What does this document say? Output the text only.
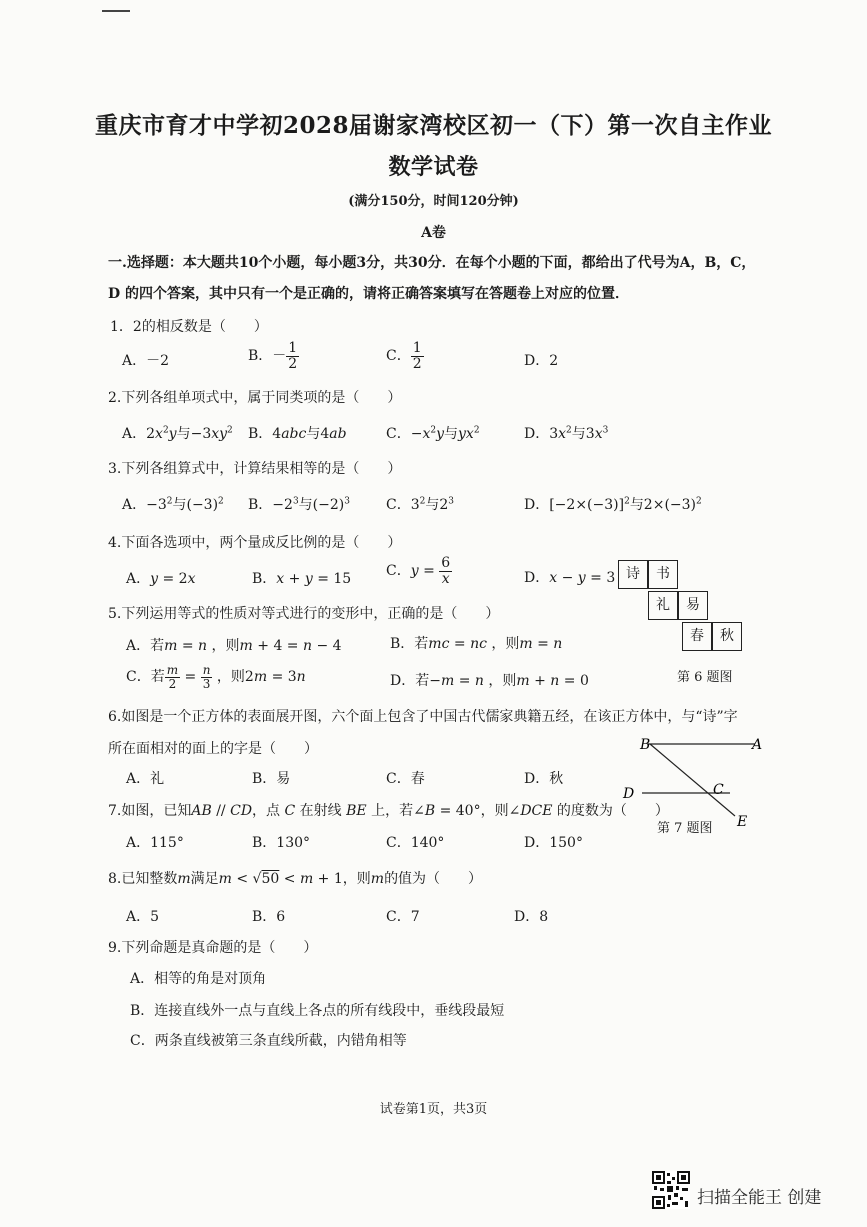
重庆市育才中学初2028届谢家湾校区初一（下）第一次自主作业
数学试卷
(满分150分，时间120分钟)
A卷
一.选择题：本大题共10个小题，每小题3分，共30分．在每个小题的下面，都给出了代号为A，B，C，
D 的四个答案，其中只有一个是正确的，请将正确答案填写在答题卷上对应的位置．
1．2的相反数是（　　）
A．－2	B．－ $\frac{1}{2}$	C． $\frac{1}{2}$	D．2
2.下列各组单项式中，属于同类项的是（　　）
A．$2x^2y$与$-3xy^2$ B．4abc与4ab	C．$-x^2y$与$yx^2$	D．$3x^2$与$3x^3$
3.下列各组算式中，计算结果相等的是（　　）
A．$-3^2$与$(-3)^2$ B．$-2^3$与$(-2)^3$	C．$3^2$与$2^3$	D．$[-2\times(-3)]^2$与$2\times(-3)^2$
4.下面各选项中，两个量成反比例的是（　　）
A．y = 2x	B．x + y = 15 C．$y = \frac{6}{x}$	D．x − y = 3
5.下列运用等式的性质对等式进行的变形中，正确的是（　　）
A．若m = n ，则m + 4 = n − 4	B．若mc = nc ，则m = n
C．若 $\frac{m}{2} = \frac{n}{3}$ ，则2m = 3n	D．若−m = n ，则m + n = 0
诗	书
礼	易
春	秋
第 6 题图
6.如图是一个正方体的表面展开图，六个面上包含了中国古代儒家典籍五经，在该正方体中，与“诗”字
所在面相对的面上的字是（　　）
A．礼	B．易	C．春	D．秋
B	A
D	C
E
第 7 题图
7.如图，已知AB // CD，点 C 在射线 BE 上，若∠B = 40°，则∠DCE 的度数为（　　）
A．115°	B．130°	C．140°	D．150°
8.已知整数m满足m < √50 < m + 1，则m的值为（　　）
A．5	B．6	C．7	D．8
9.下列命题是真命题的是（　　）
A．相等的角是对顶角
B．连接直线外一点与直线上各点的所有线段中，垂线段最短
C．两条直线被第三条直线所截，内错角相等
试卷第1页，共3页
扫描全能王 创建
